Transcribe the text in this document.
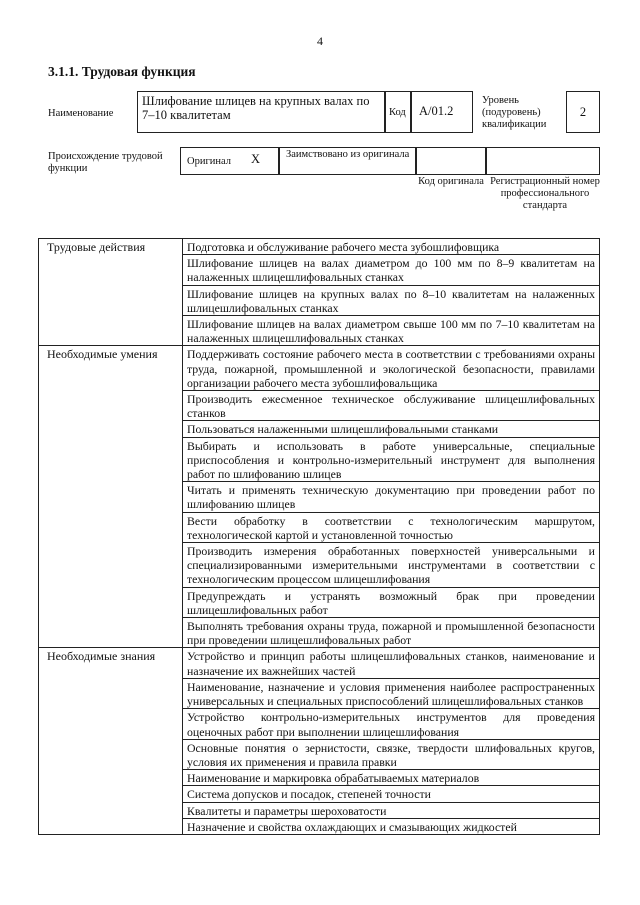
4
3.1.1. Трудовая функция
Наименование
Шлифование шлицев на крупных валах по 7–10 квалитетам	Код	А/01.2
Уровень (подуровень) квалификации
2
Происхождение трудовой функции
Оригинал X	Заимствовано из оригинала
Код оригинала Регистрационный номер профессионального стандарта
Трудовые действия	Подготовка и обслуживание рабочего места зубошлифовщика
	Шлифование шлицев на валах диаметром до 100 мм по 8–9 квалитетам на налаженных шлицешлифовальных станках
	Шлифование шлицев на крупных валах по 8–10 квалитетам на налаженных шлицешлифовальных станках
	Шлифование шлицев на валах диаметром свыше 100 мм по 7–10 квалитетам на налаженных шлицешлифовальных станках
Необходимые умения	Поддерживать состояние рабочего места в соответствии с требованиями охраны труда, пожарной, промышленной и экологической безопасности, правилами организации рабочего места зубошлифовальщика
	Производить ежесменное техническое обслуживание шлицешлифовальных станков
	Пользоваться налаженными шлицешлифовальными станками
	Выбирать и использовать в работе универсальные, специальные приспособления и контрольно-измерительный инструмент для выполнения работ по шлифованию шлицев
	Читать и применять техническую документацию при проведении работ по шлифованию шлицев
	Вести обработку в соответствии с технологическим маршрутом, технологической картой и установленной точностью
	Производить измерения обработанных поверхностей универсальными и специализированными измерительными инструментами в соответствии с технологическим процессом шлицешлифования
	Предупреждать и устранять возможный брак при проведении шлицешлифовальных работ
	Выполнять требования охраны труда, пожарной и промышленной безопасности при проведении шлицешлифовальных работ
Необходимые знания	Устройство и принцип работы шлицешлифовальных станков, наименование и назначение их важнейших частей
	Наименование, назначение и условия применения наиболее распространенных универсальных и специальных приспособлений шлицешлифовальных станков
	Устройство контрольно-измерительных инструментов для проведения оценочных работ при выполнении шлицешлифования
	Основные понятия о зернистости, связке, твердости шлифовальных кругов, условия их применения и правила правки
	Наименование и маркировка обрабатываемых материалов
	Система допусков и посадок, степеней точности
	Квалитеты и параметры шероховатости
	Назначение и свойства охлаждающих и смазывающих жидкостей
